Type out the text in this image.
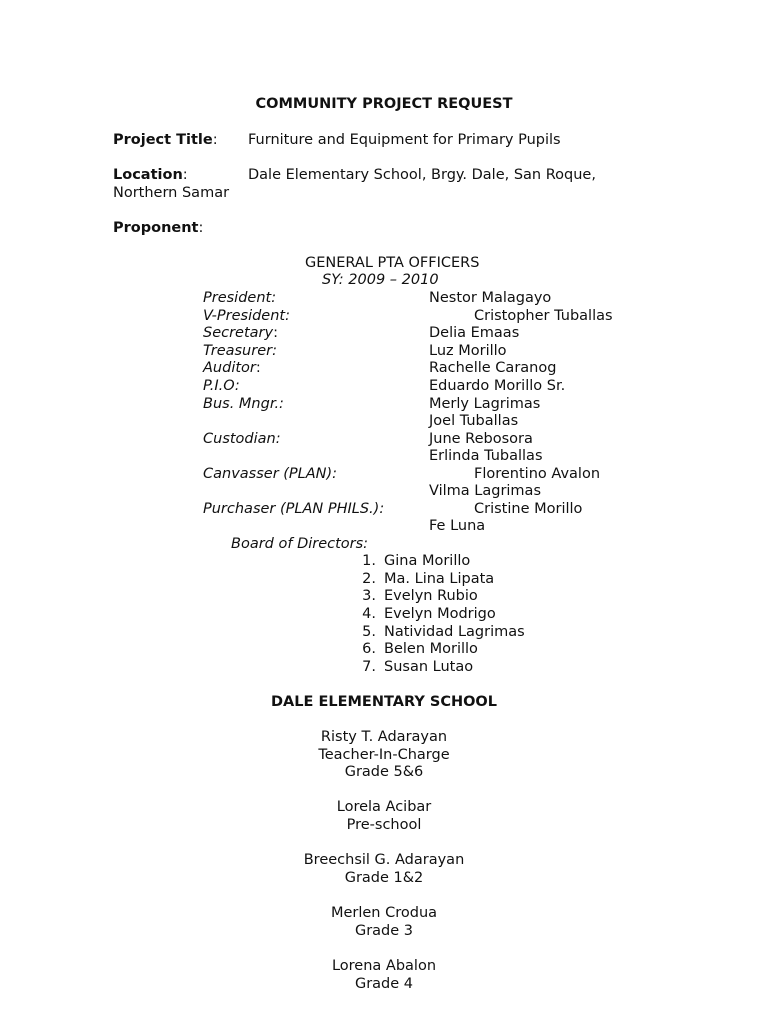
COMMUNITY PROJECT REQUEST
Project Title: Furniture and Equipment for Primary Pupils
Location:	Dale Elementary School, Brgy. Dale, San Roque,
Northern Samar
Proponent:
GENERAL PTA OFFICERS
SY: 2009 – 2010
President:	Nestor Malagayo
V-President:	Cristopher Tuballas
Secretary:	Delia Emaas
Treasurer:	Luz Morillo
Auditor:	Rachelle Caranog
P.I.O:	Eduardo Morillo Sr.
Bus. Mngr.:	Merly Lagrimas
Joel Tuballas
Custodian:	June Rebosora
Erlinda Tuballas
Canvasser (PLAN):	Florentino Avalon
Vilma Lagrimas
Purchaser (PLAN PHILS.):	Cristine Morillo
Fe Luna
Board of Directors:
1. Gina Morillo
2. Ma. Lina Lipata
3. Evelyn Rubio
4. Evelyn Modrigo
5. Natividad Lagrimas
6. Belen Morillo
7. Susan Lutao
DALE ELEMENTARY SCHOOL
Risty T. Adarayan
Teacher-In-Charge
Grade 5&6
Lorela Acibar
Pre-school
Breechsil G. Adarayan
Grade 1&2
Merlen Crodua
Grade 3
Lorena Abalon
Grade 4
